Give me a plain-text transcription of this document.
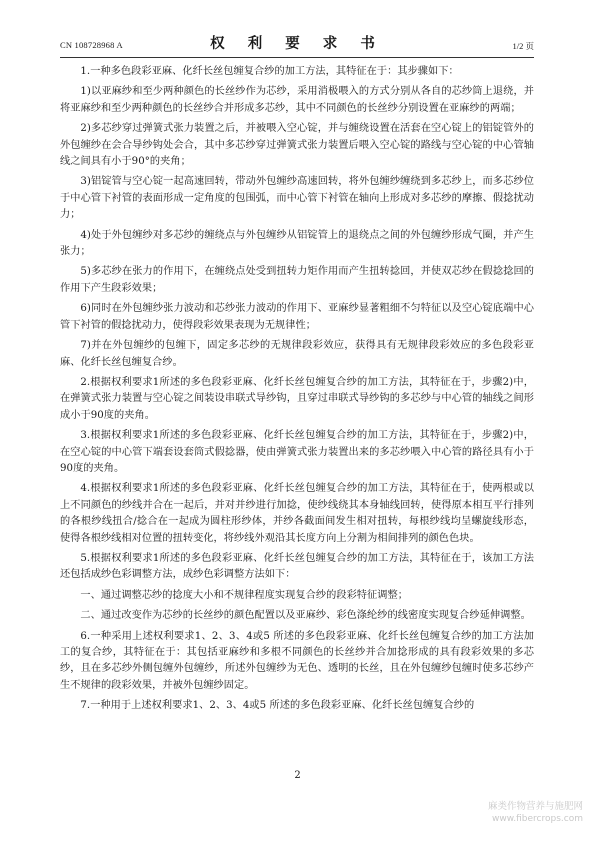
CN 108728968 A	权 利 要 求 书	1/2 页

1.一种多色段彩亚麻、化纤长丝包缠复合纱的加工方法，其特征在于：其步骤如下：

1)以亚麻纱和至少两种颜色的长丝纱作为芯纱，采用消极喂入的方式分别从各自的芯纱筒上退绕，并将亚麻纱和至少两种颜色的长丝纱合并形成多芯纱，其中不同颜色的长丝纱分别设置在亚麻纱的两端；

2)多芯纱穿过弹簧式张力装置之后，并被喂入空心锭，并与缠绕设置在活套在空心锭上的铝锭管外的外包缠纱在会合导纱钩处会合，其中多芯纱穿过弹簧式张力装置后喂入空心锭的路线与空心锭的中心管轴线之间具有小于90°的夹角；

3)铝锭管与空心锭一起高速回转，带动外包缠纱高速回转，将外包缠纱缠绕到多芯纱上，而多芯纱位于中心管下衬管的表面形成一定角度的包围弧，而中心管下衬管在轴向上形成对多芯纱的摩擦、假捻扰动力；

4)处于外包缠纱对多芯纱的缠绕点与外包缠纱从铝锭管上的退绕点之间的外包缠纱形成气圈，并产生张力；

5)多芯纱在张力的作用下，在缠绕点处受到扭转力矩作用而产生扭转捻回，并使双芯纱在假捻捻回的作用下产生段彩效果；

6)同时在外包缠纱张力波动和芯纱张力波动的作用下、亚麻纱显著粗细不匀特征以及空心锭底端中心管下衬管的假捻扰动力，使得段彩效果表现为无规律性；

7)并在外包缠纱的包缠下，固定多芯纱的无规律段彩效应，获得具有无规律段彩效应的多色段彩亚麻、化纤长丝包缠复合纱。

2.根据权利要求1所述的多色段彩亚麻、化纤长丝包缠复合纱的加工方法，其特征在于，步骤2)中，在弹簧式张力装置与空心锭之间装设串联式导纱钩，且穿过串联式导纱钩的多芯纱与中心管的轴线之间形成小于90度的夹角。

3.根据权利要求1所述的多色段彩亚麻、化纤长丝包缠复合纱的加工方法，其特征在于，步骤2)中，在空心锭的中心管下端套设套筒式假捻器，使由弹簧式张力装置出来的多芯纱喂入中心管的路径具有小于90度的夹角。

4.根据权利要求1所述的多色段彩亚麻、化纤长丝包缠复合纱的加工方法，其特征在于，使两根或以上不同颜色的纱线并合在一起后，并对并纱进行加捻，使纱线绕其本身轴线回转，使得原本相互平行排列的各根纱线扭合/捻合在一起成为圆柱形纱体，并纱各截面间发生相对扭转，每根纱线均呈螺旋线形态，使得各根纱线相对位置的扭转变化，将纱线外观沿其长度方向上分割为相间排列的颜色色块。

5.根据权利要求1所述的多色段彩亚麻、化纤长丝包缠复合纱的加工方法，其特征在于，该加工方法还包括成纱色彩调整方法，成纱色彩调整方法如下：

一、通过调整芯纱的捻度大小和不规律程度实现复合纱的段彩特征调整；

二、通过改变作为芯纱的长丝纱的颜色配置以及亚麻纱、彩色涤纶纱的线密度实现复合纱延伸调整。

6.一种采用上述权利要求1、2、3、4或5 所述的多色段彩亚麻、化纤长丝包缠复合纱的加工方法加工的复合纱，其特征在于：其包括亚麻纱和多根不同颜色的长丝纱并合加捻形成的具有段彩效果的多芯纱，且在多芯纱外侧包缠外包缠纱，所述外包缠纱为无色、透明的长丝，且在外包缠纱包缠时使多芯纱产生不规律的段彩效果，并被外包缠纱固定。

7.一种用于上述权利要求1、2、3、4或5 所述的多色段彩亚麻、化纤长丝包缠复合纱的

2
麻类作物营养与施肥网
www.fibercrops.com
